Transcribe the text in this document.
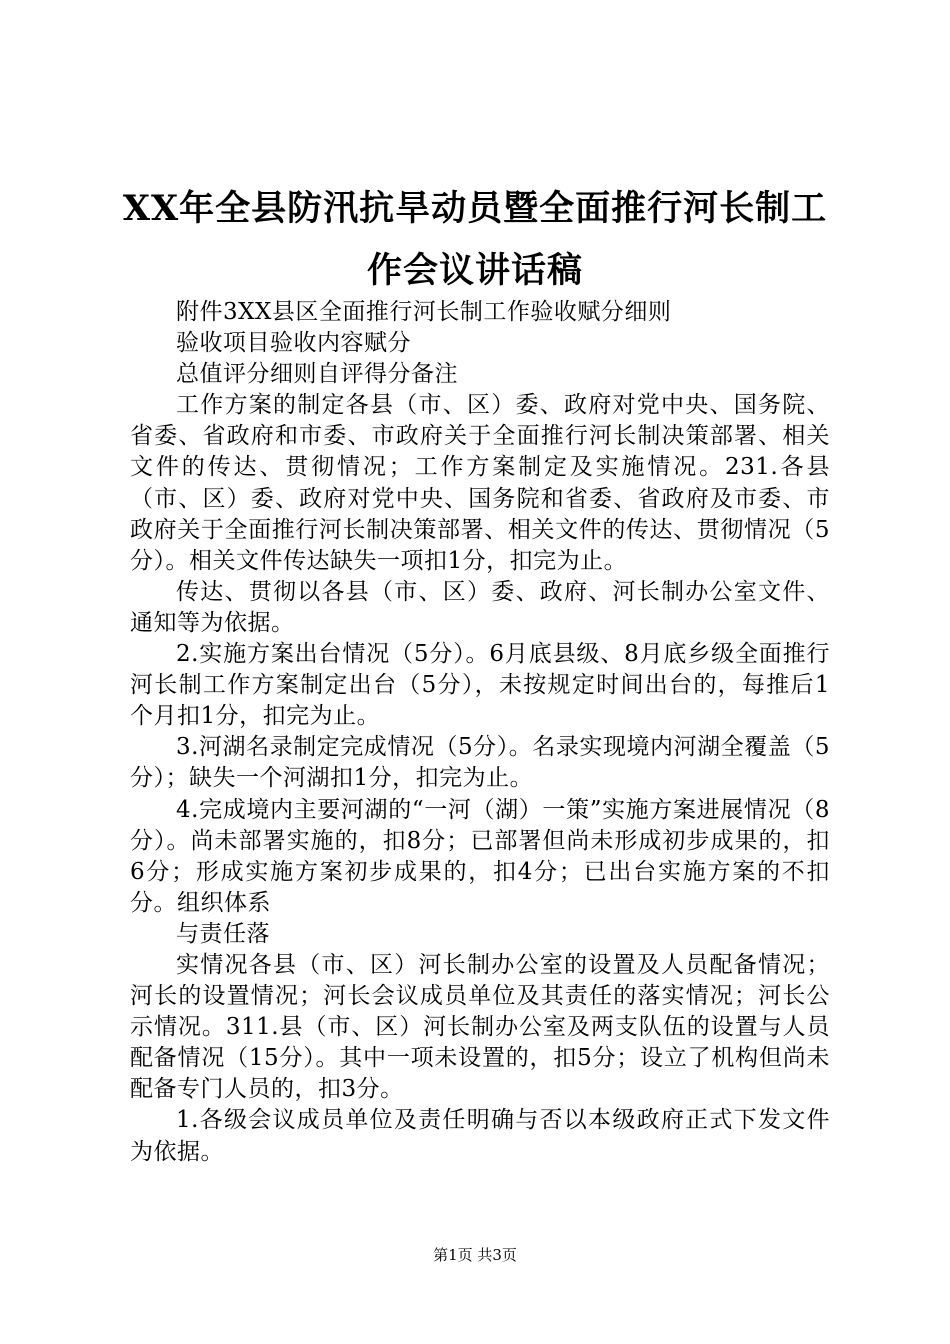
XX年全县防汛抗旱动员暨全面推行河长制工
作会议讲话稿

附件3XX县区全面推行河长制工作验收赋分细则

验收项目验收内容赋分

总值评分细则自评得分备注

工作方案的制定各县（市、区）委、政府对党中央、国务院、省委、省政府和市委、市政府关于全面推行河长制决策部署、相关文件的传达、贯彻情况；工作方案制定及实施情况。231.各县（市、区）委、政府对党中央、国务院和省委、省政府及市委、市政府关于全面推行河长制决策部署、相关文件的传达、贯彻情况（5分）。相关文件传达缺失一项扣1分，扣完为止。

传达、贯彻以各县（市、区）委、政府、河长制办公室文件、通知等为依据。

2.实施方案出台情况（5分）。6月底县级、8月底乡级全面推行河长制工作方案制定出台（5分），未按规定时间出台的，每推后1个月扣1分，扣完为止。

3.河湖名录制定完成情况（5分）。名录实现境内河湖全覆盖（5分）；缺失一个河湖扣1分，扣完为止。

4.完成境内主要河湖的“一河（湖）一策”实施方案进展情况（8分）。尚未部署实施的，扣8分；已部署但尚未形成初步成果的，扣6分；形成实施方案初步成果的，扣4分；已出台实施方案的不扣分。组织体系

与责任落

实情况各县（市、区）河长制办公室的设置及人员配备情况；河长的设置情况；河长会议成员单位及其责任的落实情况；河长公示情况。311.县（市、区）河长制办公室及两支队伍的设置与人员配备情况（15分）。其中一项未设置的，扣5分；设立了机构但尚未配备专门人员的，扣3分。

1.各级会议成员单位及责任明确与否以本级政府正式下发文件为依据。

第1页 共3页
